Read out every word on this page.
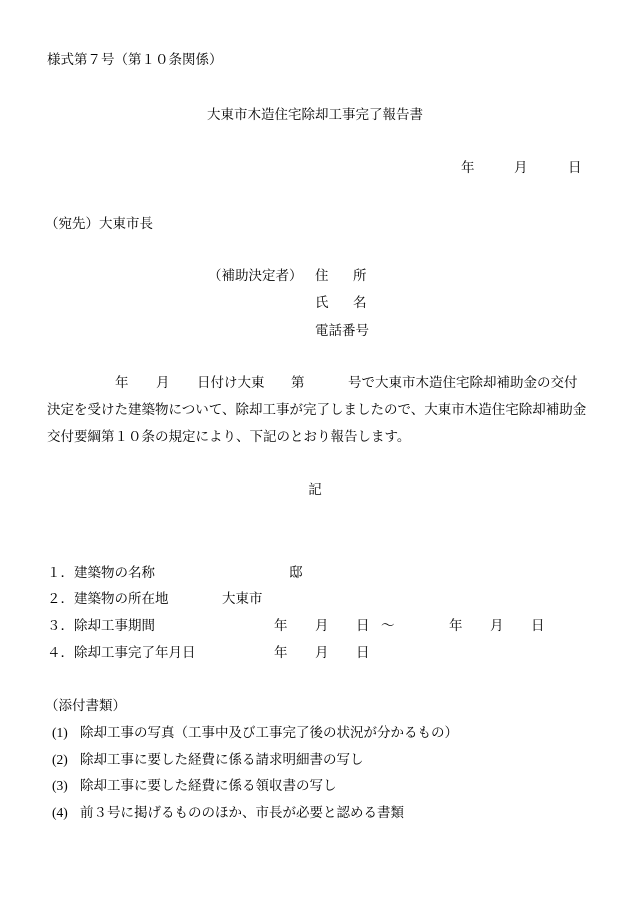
様式第７号（第１０条関係）
大東市木造住宅除却工事完了報告書
年	月	日
（宛先）大東市長
（補助決定者） 住 所
氏 名
電話番号
年 月 日付け大東 第	号で大東市木造住宅除却補助金の交付
決定を受けた建築物について、除却工事が完了しましたので、大東市木造住宅除却補助金
交付要綱第１０条の規定により、下記のとおり報告します。
記
１．建築物の名称	邸
２．建築物の所在地	大東市
３．除却工事期間	年 月 日 〜	年 月 日
４．除却工事完了年月日	年 月 日
（添付書類）
(1) 除却工事の写真（工事中及び工事完了後の状況が分かるもの）
(2) 除却工事に要した経費に係る請求明細書の写し
(3) 除却工事に要した経費に係る領収書の写し
(4) 前３号に掲げるもののほか、市長が必要と認める書類
